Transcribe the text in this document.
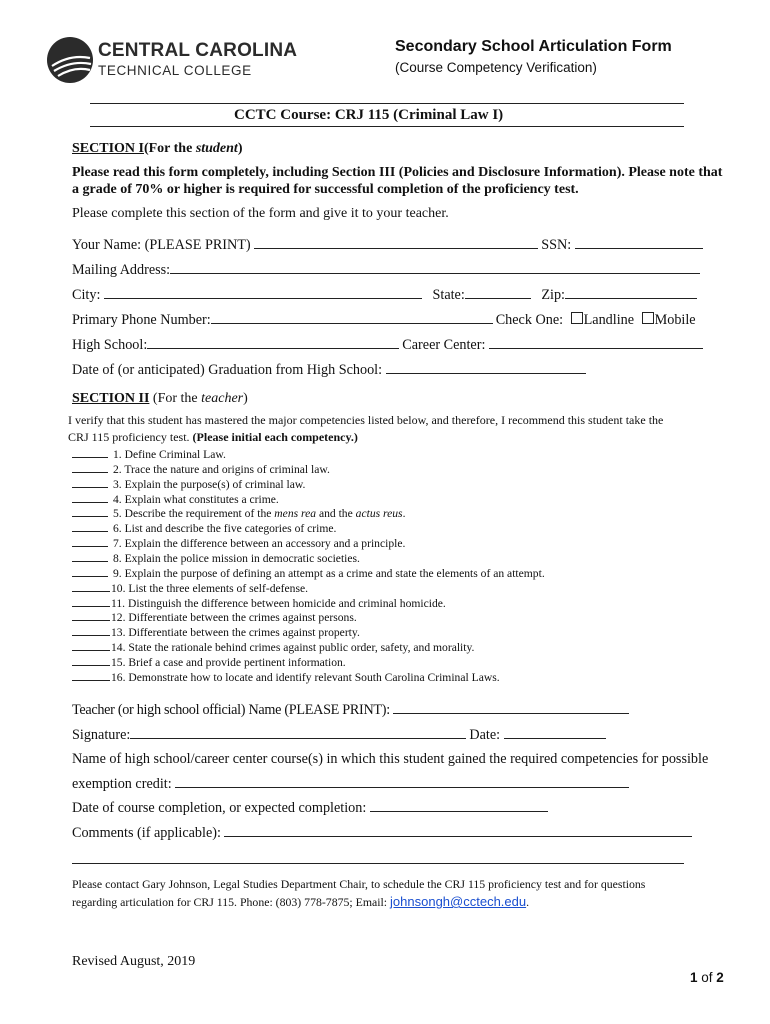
CENTRAL CAROLINA
TECHNICAL COLLEGE
Secondary School Articulation Form
(Course Competency Verification)
CCTC Course: CRJ 115 (Criminal Law I)
SECTION I(For the student)
Please read this form completely, including Section III (Policies and Disclosure Information). Please note that
a grade of 70% or higher is required for successful completion of the proficiency test.
Please complete this section of the form and give it to your teacher.
Your Name: (PLEASE PRINT)	SSN:
Mailing Address:
City:	State:	Zip:
Primary Phone Number:	Check One: Landline Mobile
High School:	Career Center:
Date of (or anticipated) Graduation from High School:
SECTION II (For the teacher)
I verify that this student has mastered the major competencies listed below, and therefore, I recommend this student take the
CRJ 115 proficiency test. (Please initial each competency.)
1. Define Criminal Law.
2. Trace the nature and origins of criminal law.
3. Explain the purpose(s) of criminal law.
4. Explain what constitutes a crime.
5. Describe the requirement of the mens rea and the actus reus.
6. List and describe the five categories of crime.
7. Explain the difference between an accessory and a principle.
8. Explain the police mission in democratic societies.
9. Explain the purpose of defining an attempt as a crime and state the elements of an attempt.
10. List the three elements of self-defense.
11. Distinguish the difference between homicide and criminal homicide.
12. Differentiate between the crimes against persons.
13. Differentiate between the crimes against property.
14. State the rationale behind crimes against public order, safety, and morality.
15. Brief a case and provide pertinent information.
16. Demonstrate how to locate and identify relevant South Carolina Criminal Laws.
Teacher (or high school official) Name (PLEASE PRINT):
Signature:	Date:
Name of high school/career center course(s) in which this student gained the required competencies for possible
exemption credit:
Date of course completion, or expected completion:
Comments (if applicable):
Please contact Gary Johnson, Legal Studies Department Chair, to schedule the CRJ 115 proficiency test and for questions
regarding articulation for CRJ 115. Phone: (803) 778-7875; Email: johnsongh@cctech.edu.
Revised August, 2019
1 of 2
